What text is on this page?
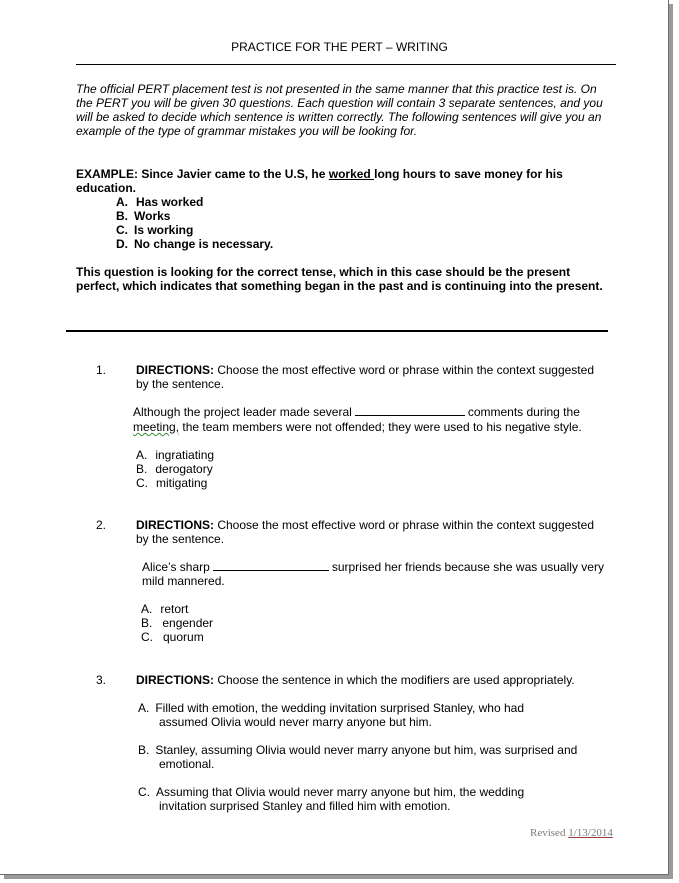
PRACTICE FOR THE PERT – WRITING
The official PERT placement test is not presented in the same manner that this practice test is. On
the PERT you will be given 30 questions. Each question will contain 3 separate sentences, and you
will be asked to decide which sentence is written correctly. The following sentences will give you an
example of the type of grammar mistakes you will be looking for.
EXAMPLE: Since Javier came to the U.S, he worked long hours to save money for his
education.
A. Has worked
B. Works
C. Is working
D. No change is necessary.
This question is looking for the correct tense, which in this case should be the present
perfect, which indicates that something began in the past and is continuing into the present.
1. DIRECTIONS: Choose the most effective word or phrase within the context suggested
by the sentence.
Although the project leader made several	comments during the
meeting, the team members were not offended; they were used to his negative style.
A. ingratiating
B. derogatory
C. mitigating
2. DIRECTIONS: Choose the most effective word or phrase within the context suggested
by the sentence.
Alice’s sharp	surprised her friends because she was usually very
mild mannered.
A. retort
B. engender
C. quorum
3. DIRECTIONS: Choose the sentence in which the modifiers are used appropriately.
A. Filled with emotion, the wedding invitation surprised Stanley, who had
assumed Olivia would never marry anyone but him.
B. Stanley, assuming Olivia would never marry anyone but him, was surprised and
emotional.
C. Assuming that Olivia would never marry anyone but him, the wedding
invitation surprised Stanley and filled him with emotion.
Revised 1/13/2014
